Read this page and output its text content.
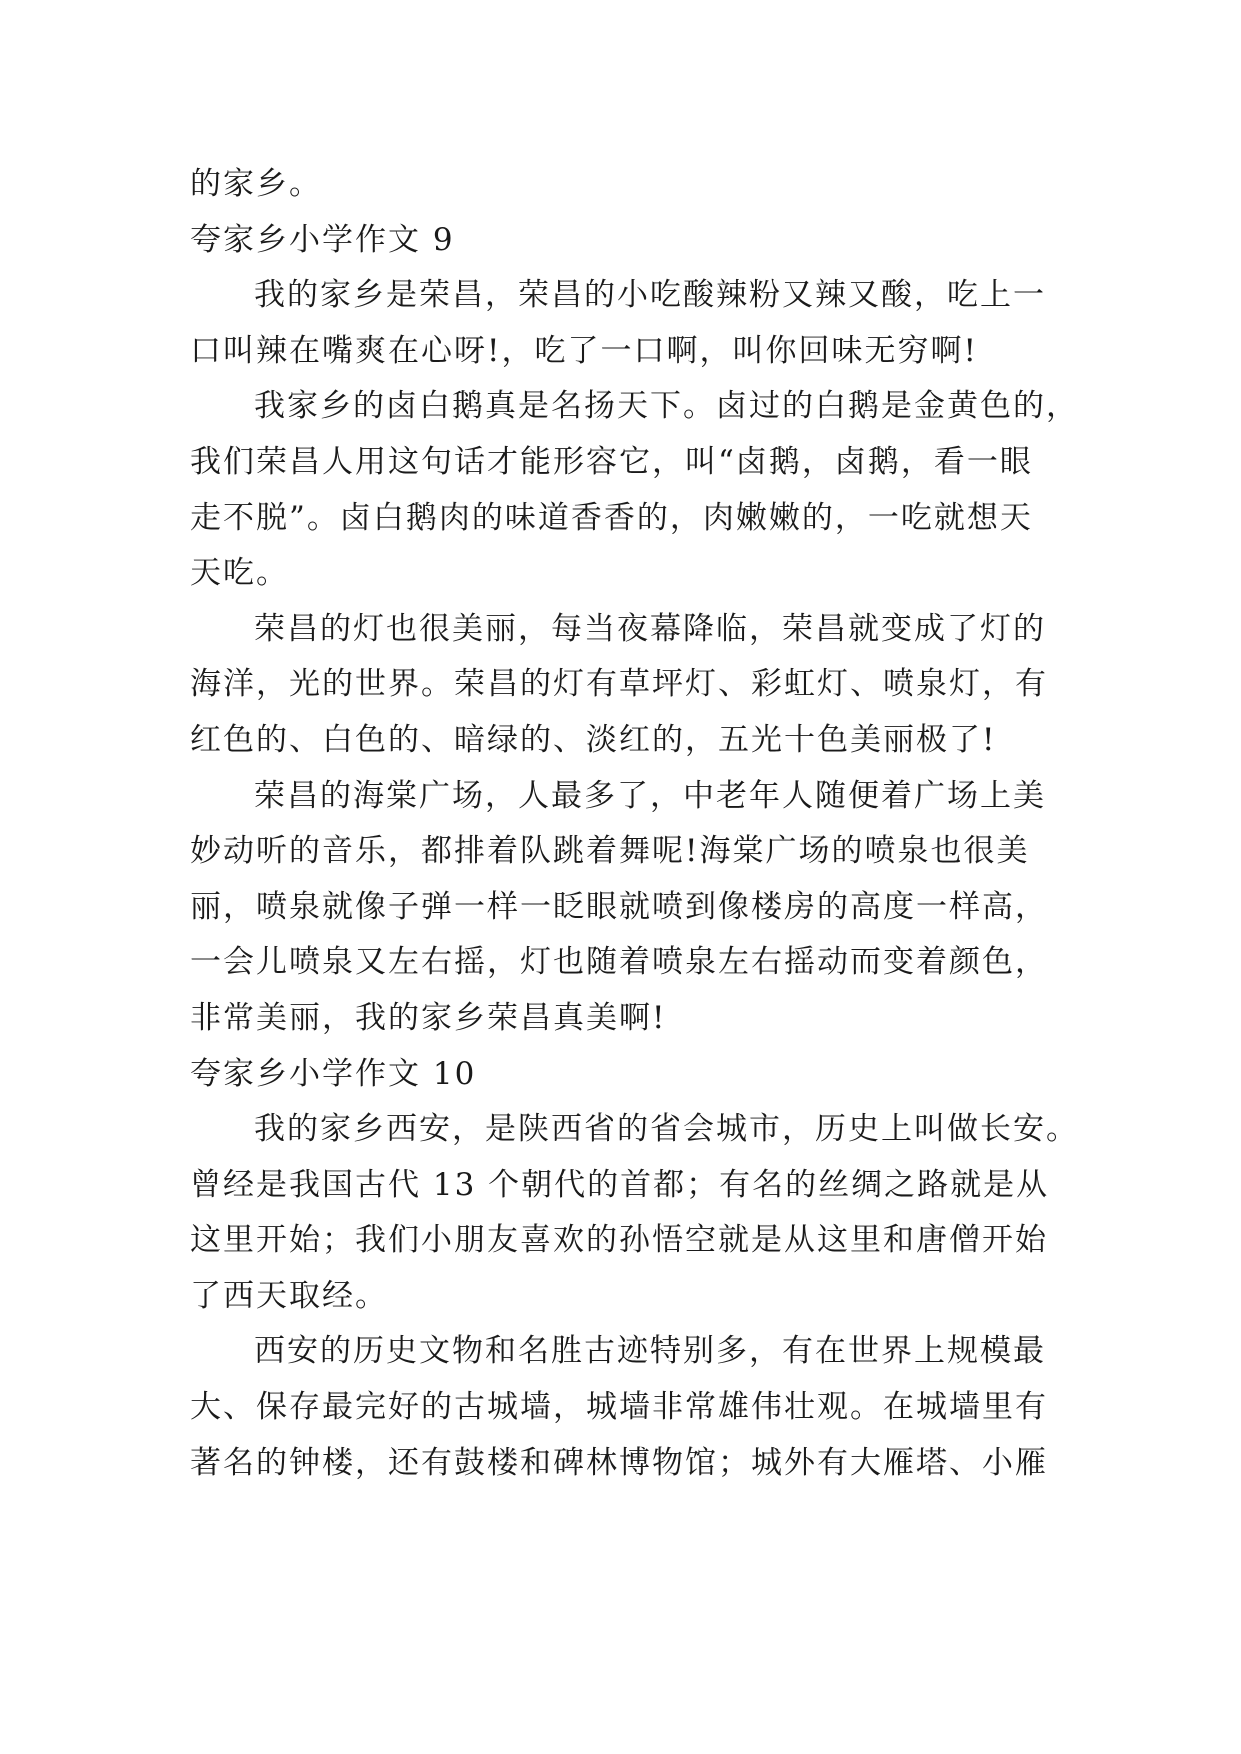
的家乡。
夸家乡小学作文 9
我的家乡是荣昌，荣昌的小吃酸辣粉又辣又酸，吃上一
口叫辣在嘴爽在心呀!，吃了一口啊，叫你回味无穷啊!
我家乡的卤白鹅真是名扬天下。卤过的白鹅是金黄色的，
我们荣昌人用这句话才能形容它，叫“卤鹅，卤鹅，看一眼
走不脱”。卤白鹅肉的味道香香的，肉嫩嫩的，一吃就想天
天吃。
荣昌的灯也很美丽，每当夜幕降临，荣昌就变成了灯的
海洋，光的世界。荣昌的灯有草坪灯、彩虹灯、喷泉灯，有
红色的、白色的、暗绿的、淡红的，五光十色美丽极了!
荣昌的海棠广场，人最多了，中老年人随便着广场上美
妙动听的音乐，都排着队跳着舞呢!海棠广场的喷泉也很美
丽，喷泉就像子弹一样一眨眼就喷到像楼房的高度一样高，
一会儿喷泉又左右摇，灯也随着喷泉左右摇动而变着颜色，
非常美丽，我的家乡荣昌真美啊!
夸家乡小学作文 10
我的家乡西安，是陕西省的省会城市，历史上叫做长安。
曾经是我国古代 13 个朝代的首都；有名的丝绸之路就是从
这里开始；我们小朋友喜欢的孙悟空就是从这里和唐僧开始
了西天取经。
西安的历史文物和名胜古迹特别多，有在世界上规模最
大、保存最完好的古城墙，城墙非常雄伟壮观。在城墙里有
著名的钟楼，还有鼓楼和碑林博物馆；城外有大雁塔、小雁
